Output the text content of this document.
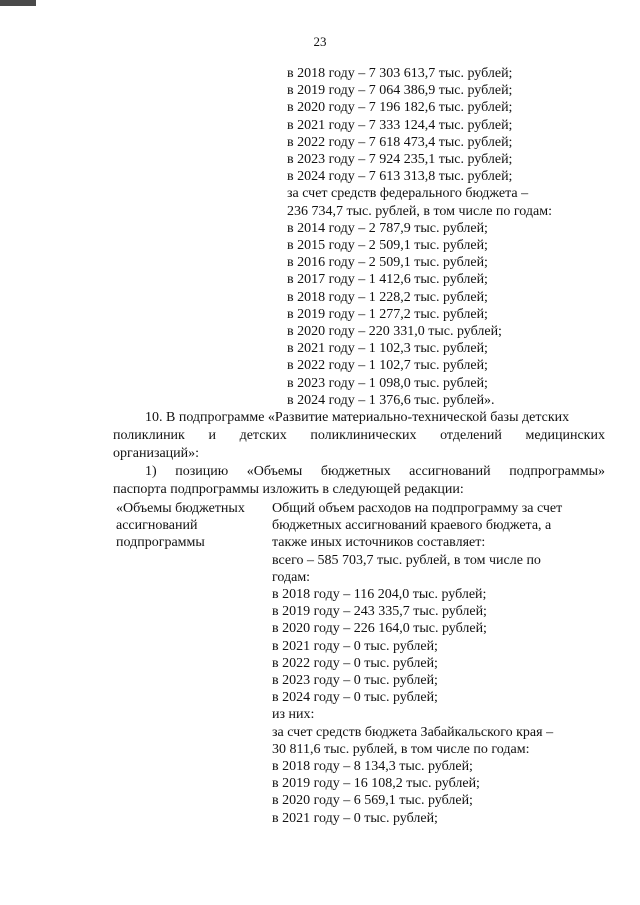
23
в 2018 году – 7 303 613,7 тыс. рублей;
в 2019 году – 7 064 386,9 тыс. рублей;
в 2020 году – 7 196 182,6 тыс. рублей;
в 2021 году – 7 333 124,4 тыс. рублей;
в 2022 году – 7 618 473,4 тыс. рублей;
в 2023 году – 7 924 235,1 тыс. рублей;
в 2024 году – 7 613 313,8 тыс. рублей;
за счет средств федерального бюджета –
236 734,7 тыс. рублей, в том числе по годам:
в 2014 году – 2 787,9 тыс. рублей;
в 2015 году – 2 509,1 тыс. рублей;
в 2016 году – 2 509,1 тыс. рублей;
в 2017 году – 1 412,6 тыс. рублей;
в 2018 году – 1 228,2 тыс. рублей;
в 2019 году – 1 277,2 тыс. рублей;
в 2020 году – 220 331,0 тыс. рублей;
в 2021 году – 1 102,3 тыс. рублей;
в 2022 году – 1 102,7 тыс. рублей;
в 2023 году – 1 098,0 тыс. рублей;
в 2024 году – 1 376,6 тыс. рублей».
10. В подпрограмме «Развитие материально-технической базы детских
поликлиник и детских поликлинических отделений медицинских
организаций»:
1) позицию «Объемы бюджетных ассигнований подпрограммы»
паспорта подпрограммы изложить в следующей редакции:
«Объемы бюджетных
ассигнований
подпрограммы
Общий объем расходов на подпрограмму за счет
бюджетных ассигнований краевого бюджета, а
также иных источников составляет:
всего – 585 703,7 тыс. рублей, в том числе по
годам:
в 2018 году – 116 204,0 тыс. рублей;
в 2019 году – 243 335,7 тыс. рублей;
в 2020 году – 226 164,0 тыс. рублей;
в 2021 году – 0 тыс. рублей;
в 2022 году – 0 тыс. рублей;
в 2023 году – 0 тыс. рублей;
в 2024 году – 0 тыс. рублей;
из них:
за счет средств бюджета Забайкальского края –
30 811,6 тыс. рублей, в том числе по годам:
в 2018 году – 8 134,3 тыс. рублей;
в 2019 году – 16 108,2 тыс. рублей;
в 2020 году – 6 569,1 тыс. рублей;
в 2021 году – 0 тыс. рублей;
